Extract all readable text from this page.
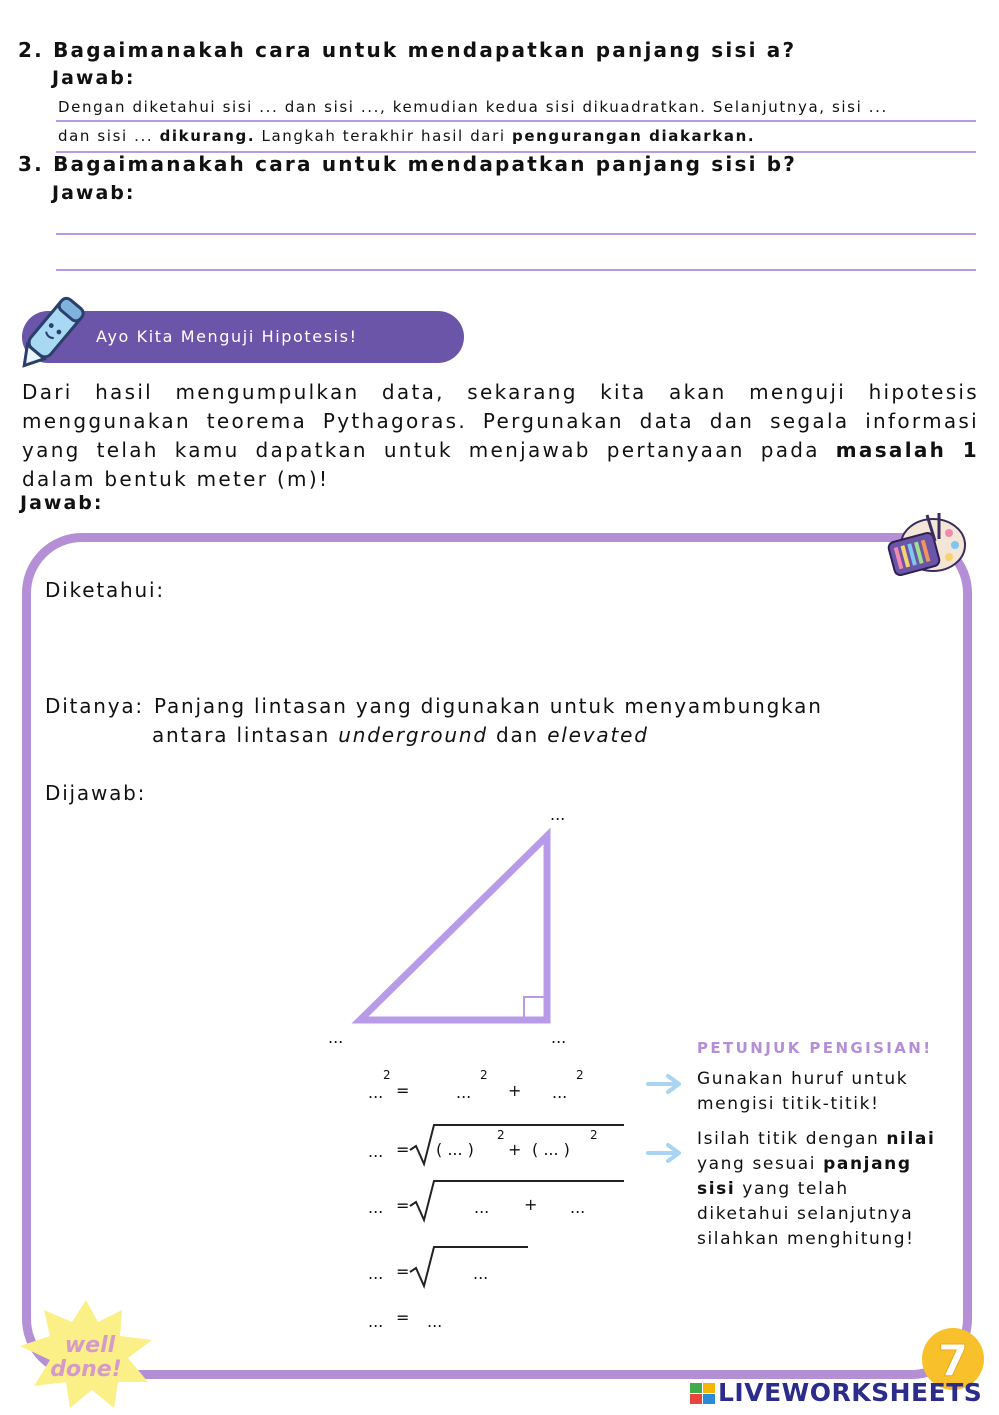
2. Bagaimanakah cara untuk mendapatkan panjang sisi a?
Jawab:
Dengan diketahui sisi ... dan sisi ..., kemudian kedua sisi dikuadratkan. Selanjutnya, sisi ...
dan sisi ... dikurang. Langkah terakhir hasil dari pengurangan diakarkan.
3. Bagaimanakah cara untuk mendapatkan panjang sisi b?
Jawab:
Ayo Kita Menguji Hipotesis!
Dari hasil mengumpulkan data, sekarang kita akan menguji hipotesis menggunakan teorema Pythagoras. Pergunakan data dan segala informasi yang telah kamu dapatkan untuk menjawab pertanyaan pada masalah 1 dalam bentuk meter (m)!
Jawab:
Diketahui:
Ditanya: Panjang lintasan yang digunakan untuk menyambungkan
antara lintasan underground dan elevated
Dijawab:
...
...	...
...
2
=	...
2
+ ...
2
... = ( ... )
2
+ ( ... )
2
... =	... + ...
... =	...
... = ...
PETUNJUK PENGISIAN!
Gunakan huruf untuk mengisi titik-titik!
Isilah titik dengan nilai yang sesuai panjang sisi yang telah diketahui selanjutnya silahkan menghitung!
well
done!	7
LIVEWORKSHEETS
